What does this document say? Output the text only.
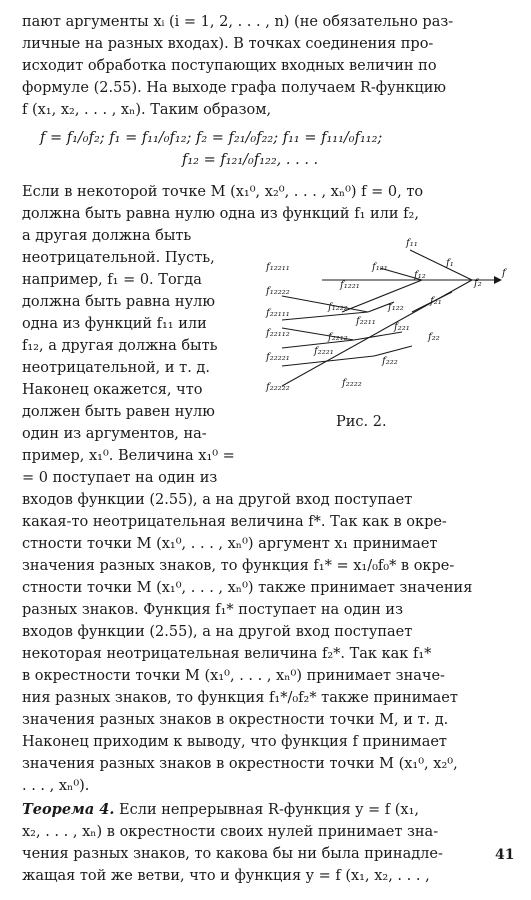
пают аргументы xᵢ (i = 1, 2, . . . , n) (не обязательно раз-
личные на разных входах). В точках соединения про-
исходит обработка поступающих входных величин по
формуле (2.55). На выходе графа получаем R-функцию
f (x₁, x₂, . . . , xₙ). Таким образом,
f = f₁/₀f₂; f₁ = f₁₁/₀f₁₂; f₂ = f₂₁/₀f₂₂; f₁₁ = f₁₁₁/₀f₁₁₂;
f₁₂ = f₁₂₁/₀f₁₂₂, . . . .
Если в некоторой точке M (x₁⁰, x₂⁰, . . . , xₙ⁰) f = 0, то
должна быть равна нулю одна из функций f₁ или f₂,
а другая должна быть
неотрицательной. Пусть,
например, f₁ = 0. Тогда
должна быть равна нулю
одна из функций f₁₁ или
f₁₂, а другая должна быть
неотрицательной, и т. д.
Наконец окажется, что
должен быть равен нулю
один из аргументов, на-
пример, x₁⁰. Величина x₁⁰ =
= 0 поступает на один из
f₁₁
f₁
f
f₁₂₁
f₁₂
f₁₂₂₁₁
f₁₂₂₁
f₁₂₂₂₂
f₁₂₂₂	f₁₂₂
f₂₁
f₂₂₁₁₁
f₂₂₁₁
f₂₂₁
f₂₂₁₁₂	f₂₂₁₂	f₂₂
f₂
f₂₂₂₁
f₂₂₂₂₁	f₂₂₂
f₂₂₂₂₂	f₂₂₂₂
Рис. 2.
входов функции (2.55), а на другой вход поступает
какая-то неотрицательная величина f*. Так как в окре-
стности точки M (x₁⁰, . . . , xₙ⁰) аргумент x₁ принимает
значения разных знаков, то функция f₁* = x₁/₀f₀* в окре-
стности точки M (x₁⁰, . . . , xₙ⁰) также принимает значения
разных знаков. Функция f₁* поступает на один из
входов функции (2.55), а на другой вход поступает
некоторая неотрицательная величина f₂*. Так как f₁*
в окрестности точки M (x₁⁰, . . . , xₙ⁰) принимает значе-
ния разных знаков, то функция f₁*/₀f₂* также принимает
значения разных знаков в окрестности точки M, и т. д.
Наконец приходим к выводу, что функция f принимает
значения разных знаков в окрестности точки M (x₁⁰, x₂⁰,
. . . , xₙ⁰).
Теорема 4. Если непрерывная R-функция y = f (x₁,
x₂, . . . , xₙ) в окрестности своих нулей принимает зна-
чения разных знаков, то какова бы ни была принадле-
жащая той же ветви, что и функция y = f (x₁, x₂, . . . ,
41
